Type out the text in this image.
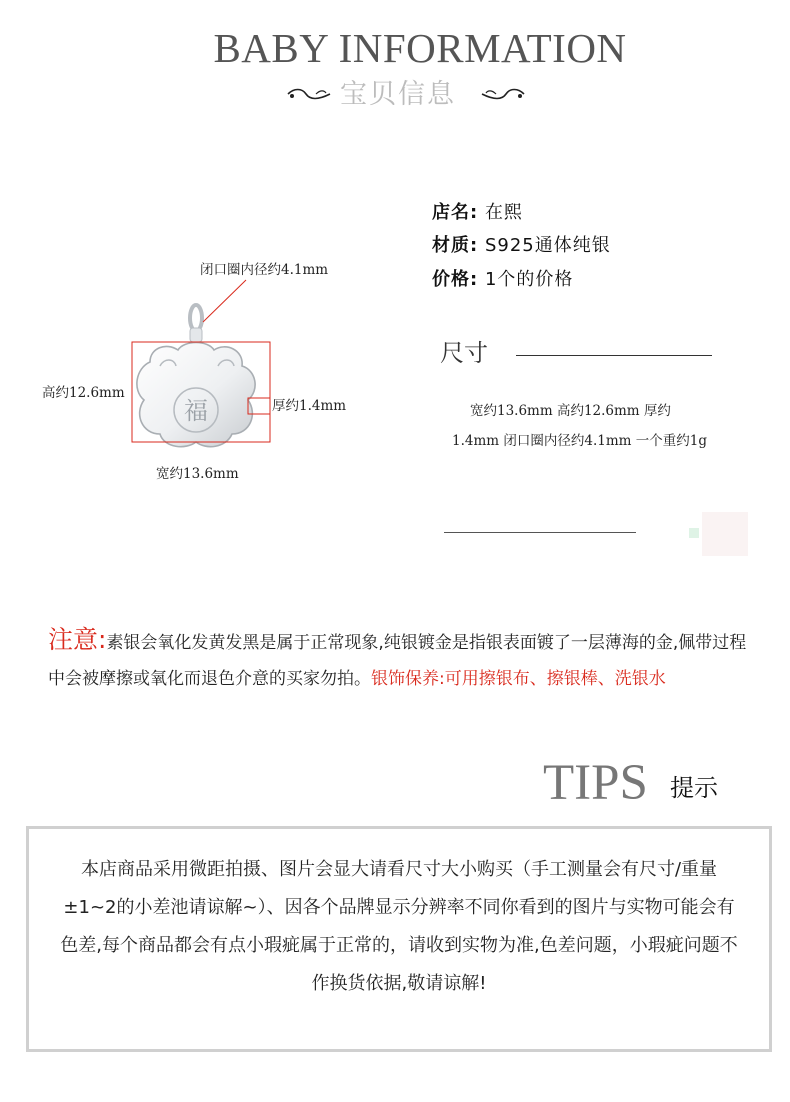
BABY INFORMATION
宝贝信息
福
闭口圈内径约4.1mm
高约12.6mm
厚约1.4mm
宽约13.6mm
店名: 在熙
材质: S925通体纯银
价格: 1个的价格
尺寸
宽约13.6mm 高约12.6mm 厚约1.4mm 闭口圈内径约4.1mm 一个重约1g
注意:素银会氧化发黄发黑是属于正常现象,纯银镀金是指银表面镀了一层薄海的金,佩带过程中会被摩擦或氧化而退色介意的买家勿拍。银饰保养:可用擦银布、擦银棒、洗银水
TIPS 提示
本店商品采用微距拍摄、图片会显大请看尺寸大小购买（手工测量会有尺寸/重量±1~2的小差池请谅解~）、因各个品牌显示分辨率不同你看到的图片与实物可能会有色差,每个商品都会有点小瑕疵属于正常的，请收到实物为准,色差问题，小瑕疵问题不作换货依据,敬请谅解!
